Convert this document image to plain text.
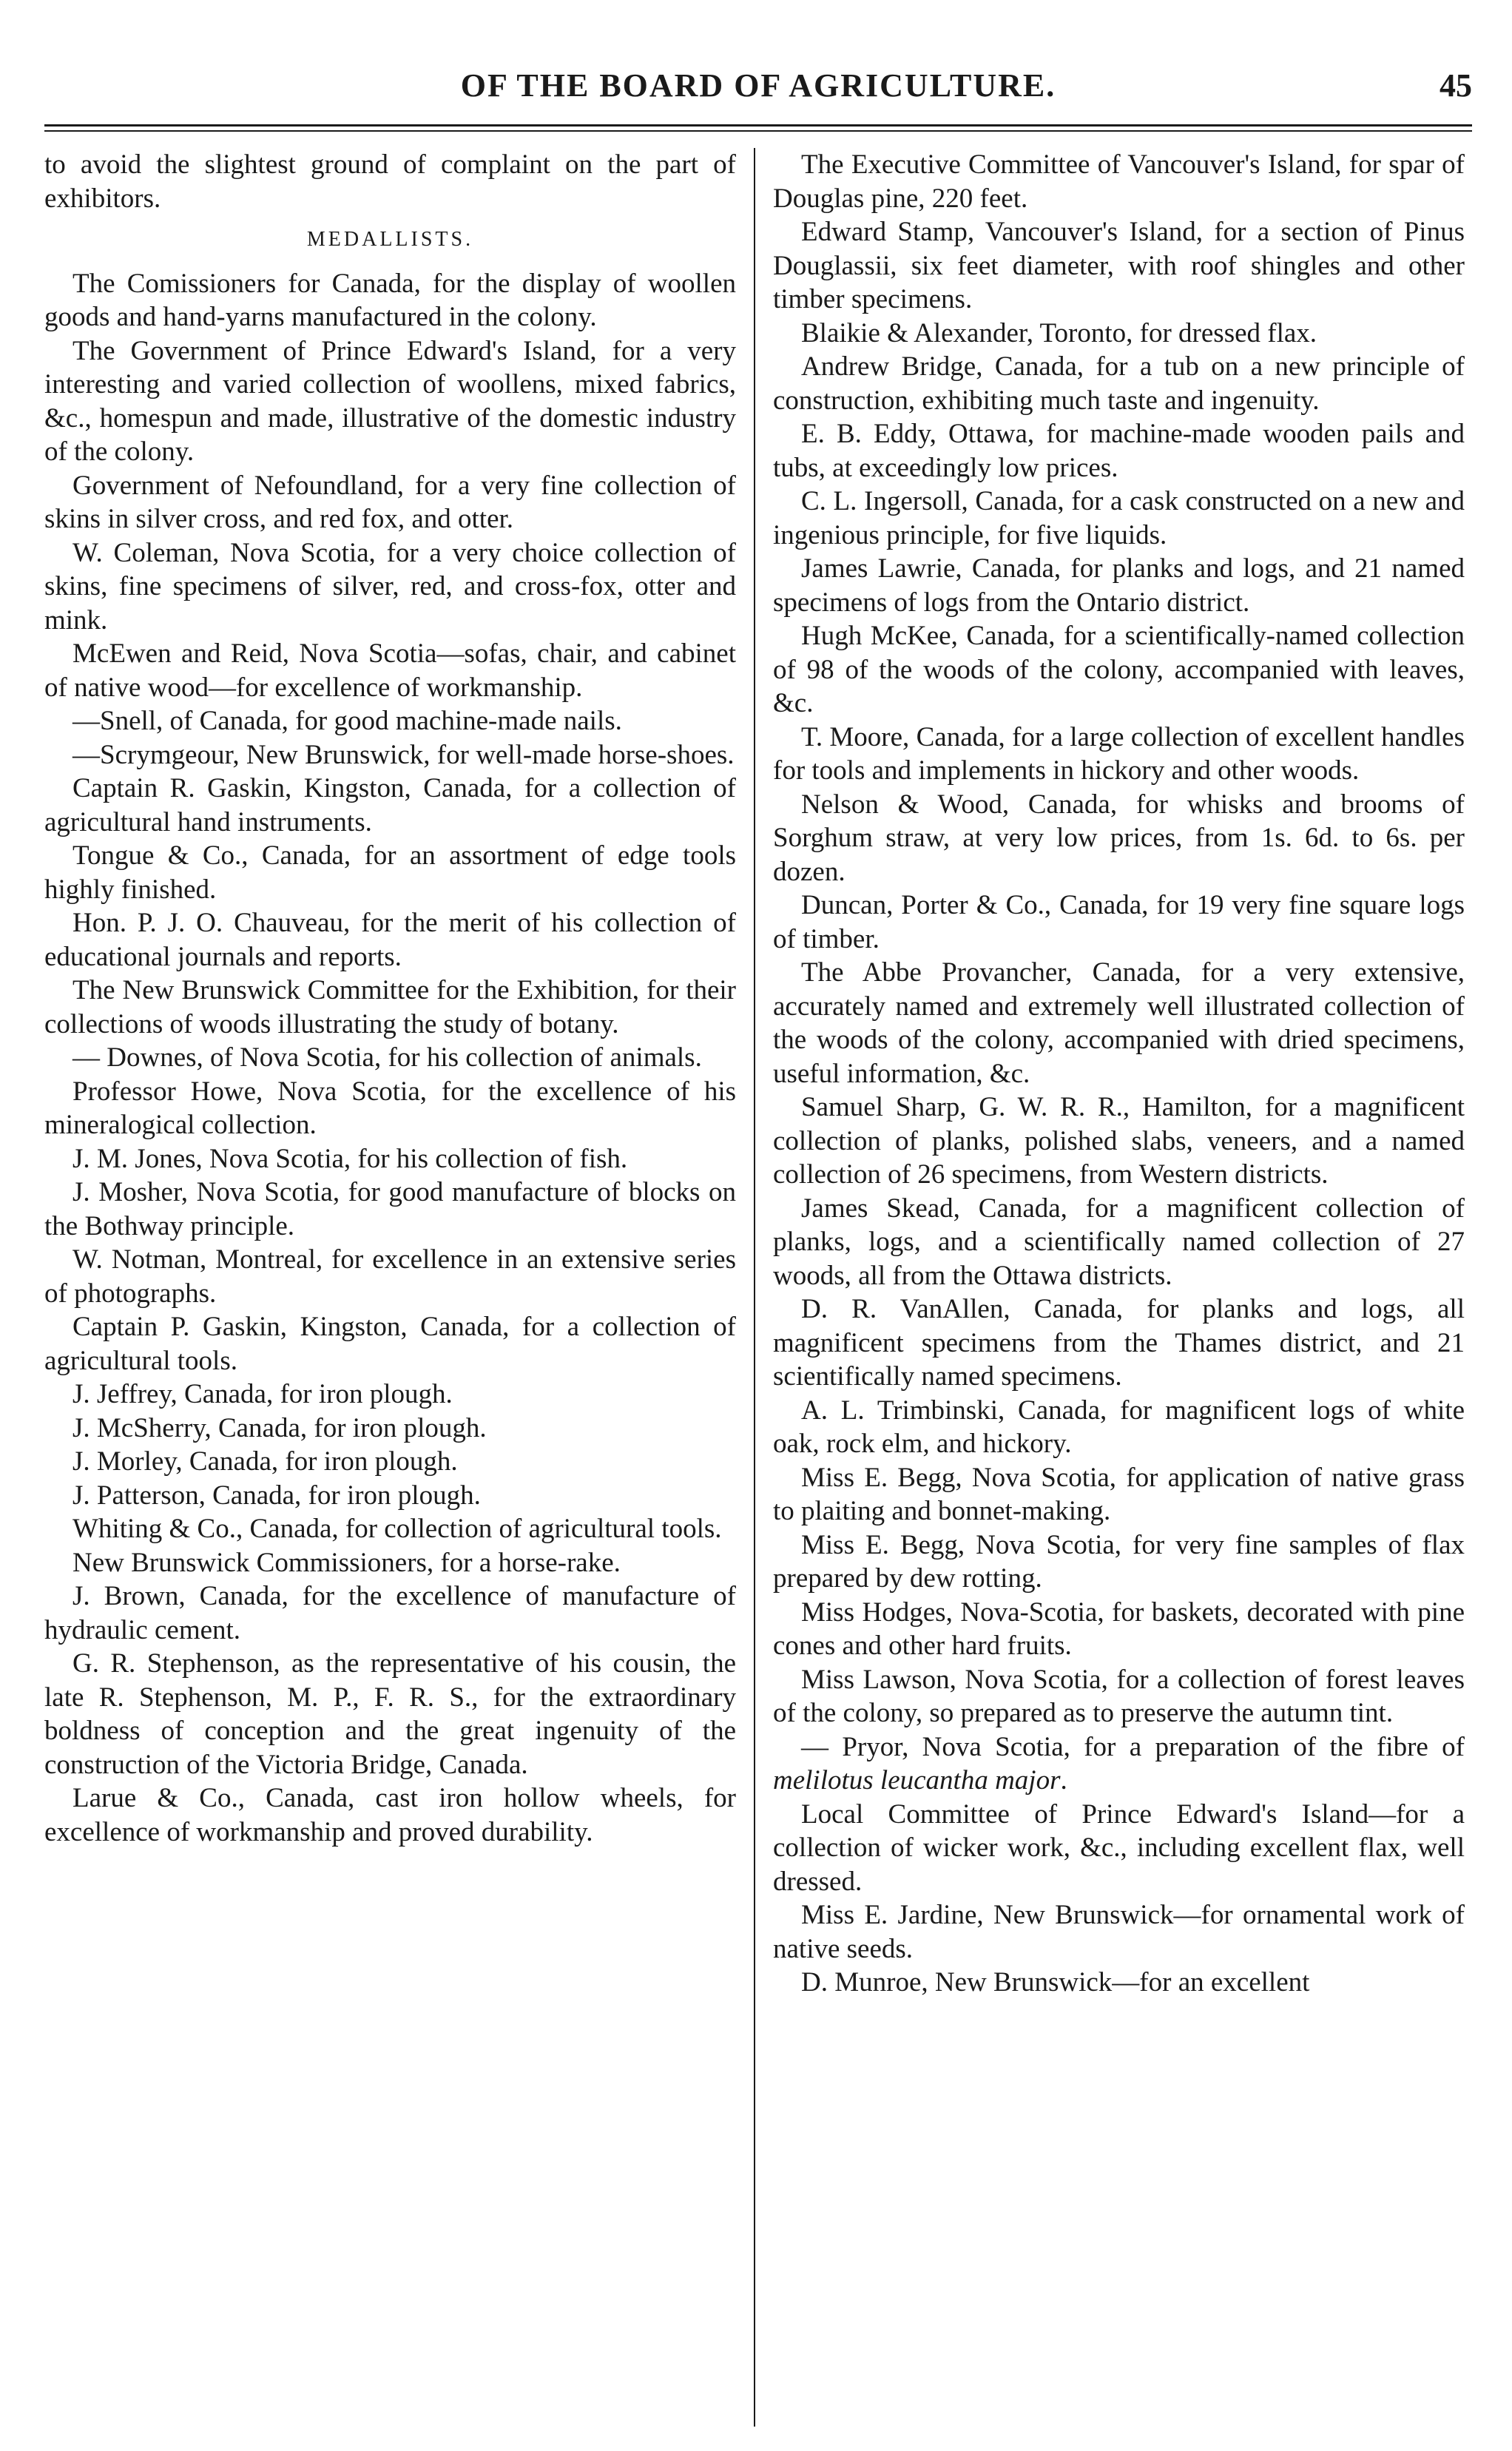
OF THE BOARD OF AGRICULTURE.	45

to avoid the slightest ground of complaint on the part of exhibitors.

MEDALLISTS.

The Comissioners for Canada, for the display of woollen goods and hand-yarns manufactured in the colony.

The Government of Prince Edward's Island, for a very interesting and varied collection of woollens, mixed fabrics, &c., homespun and made, illustrative of the domestic industry of the colony.

Government of Nefoundland, for a very fine collection of skins in silver cross, and red fox, and otter.

W. Coleman, Nova Scotia, for a very choice collection of skins, fine specimens of silver, red, and cross-fox, otter and mink.

McEwen and Reid, Nova Scotia—sofas, chair, and cabinet of native wood—for excellence of workmanship.

—Snell, of Canada, for good machine-made nails.

—Scrymgeour, New Brunswick, for well-made horse-shoes.

Captain R. Gaskin, Kingston, Canada, for a collection of agricultural hand instruments.

Tongue & Co., Canada, for an assortment of edge tools highly finished.

Hon. P. J. O. Chauveau, for the merit of his collection of educational journals and reports.

The New Brunswick Committee for the Exhibition, for their collections of woods illustrating the study of botany.

— Downes, of Nova Scotia, for his collection of animals.

Professor Howe, Nova Scotia, for the excellence of his mineralogical collection.

J. M. Jones, Nova Scotia, for his collection of fish.

J. Mosher, Nova Scotia, for good manufacture of blocks on the Bothway principle.

W. Notman, Montreal, for excellence in an extensive series of photographs.

Captain P. Gaskin, Kingston, Canada, for a collection of agricultural tools.

J. Jeffrey, Canada, for iron plough.

J. McSherry, Canada, for iron plough.

J. Morley, Canada, for iron plough.

J. Patterson, Canada, for iron plough.

Whiting & Co., Canada, for collection of agricultural tools.

New Brunswick Commissioners, for a horse-rake.

J. Brown, Canada, for the excellence of manufacture of hydraulic cement.

G. R. Stephenson, as the representative of his cousin, the late R. Stephenson, M. P., F. R. S., for the extraordinary boldness of conception and the great ingenuity of the construction of the Victoria Bridge, Canada.

Larue & Co., Canada, cast iron hollow wheels, for excellence of workmanship and proved durability.

The Executive Committee of Vancouver's Island, for spar of Douglas pine, 220 feet.

Edward Stamp, Vancouver's Island, for a section of Pinus Douglassii, six feet diameter, with roof shingles and other timber specimens.

Blaikie & Alexander, Toronto, for dressed flax.

Andrew Bridge, Canada, for a tub on a new principle of construction, exhibiting much taste and ingenuity.

E. B. Eddy, Ottawa, for machine-made wooden pails and tubs, at exceedingly low prices.

C. L. Ingersoll, Canada, for a cask constructed on a new and ingenious principle, for five liquids.

James Lawrie, Canada, for planks and logs, and 21 named specimens of logs from the Ontario district.

Hugh McKee, Canada, for a scientifically-named collection of 98 of the woods of the colony, accompanied with leaves, &c.

T. Moore, Canada, for a large collection of excellent handles for tools and implements in hickory and other woods.

Nelson & Wood, Canada, for whisks and brooms of Sorghum straw, at very low prices, from 1s. 6d. to 6s. per dozen.

Duncan, Porter & Co., Canada, for 19 very fine square logs of timber.

The Abbe Provancher, Canada, for a very extensive, accurately named and extremely well illustrated collection of the woods of the colony, accompanied with dried specimens, useful information, &c.

Samuel Sharp, G. W. R. R., Hamilton, for a magnificent collection of planks, polished slabs, veneers, and a named collection of 26 specimens, from Western districts.

James Skead, Canada, for a magnificent collection of planks, logs, and a scientifically named collection of 27 woods, all from the Ottawa districts.

D. R. VanAllen, Canada, for planks and logs, all magnificent specimens from the Thames district, and 21 scientifically named specimens.

A. L. Trimbinski, Canada, for magnificent logs of white oak, rock elm, and hickory.

Miss E. Begg, Nova Scotia, for application of native grass to plaiting and bonnet-making.

Miss E. Begg, Nova Scotia, for very fine samples of flax prepared by dew rotting.

Miss Hodges, Nova-Scotia, for baskets, decorated with pine cones and other hard fruits.

Miss Lawson, Nova Scotia, for a collection of forest leaves of the colony, so prepared as to preserve the autumn tint.

— Pryor, Nova Scotia, for a preparation of the fibre of melilotus leucantha major.

Local Committee of Prince Edward's Island—for a collection of wicker work, &c., including excellent flax, well dressed.

Miss E. Jardine, New Brunswick—for ornamental work of native seeds.

D. Munroe, New Brunswick—for an excellent
